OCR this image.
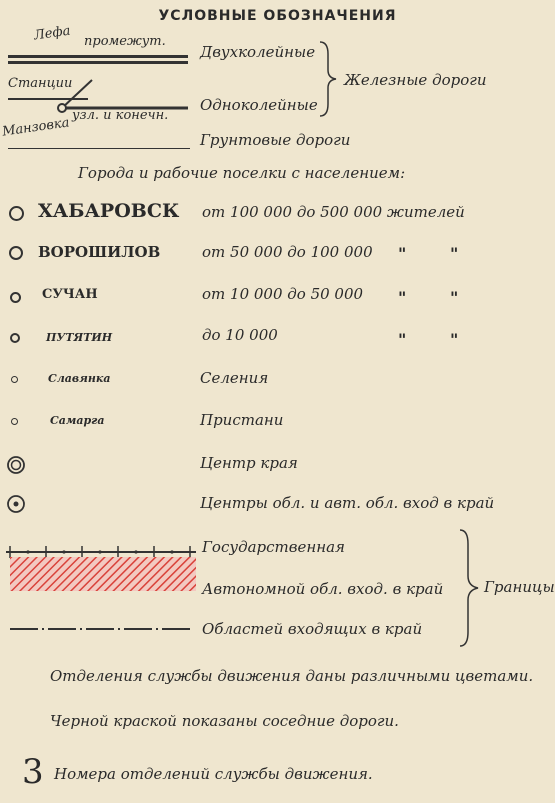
УСЛОВНЫЕ ОБОЗНАЧЕНИЯ
Лефа промежут.
Станции
Манзовка узл. и конечн.
Двухколейные
Одноколейные
Железные дороги
Грунтовые дороги
Города и рабочие поселки с населением:
ХАБАРОВСК от 100 000 до 500 000 жителей
ВОРОШИЛОВ	от 50 000 до 100 000 "	"
СУЧАН	от 10 000 до 50 000 "	"
ПУТЯТИН	до 10 000	"	"
Славянка	Селения
Самарга	Пристани
Центр края
Центры обл. и авт. обл. вход в край
Государственная
Автономной обл. вход. в край
Областей входящих в край
Границы
Отделения службы движения даны различными цветами.
Черной краской показаны соседние дороги.
3 Номера отделений службы движения.
